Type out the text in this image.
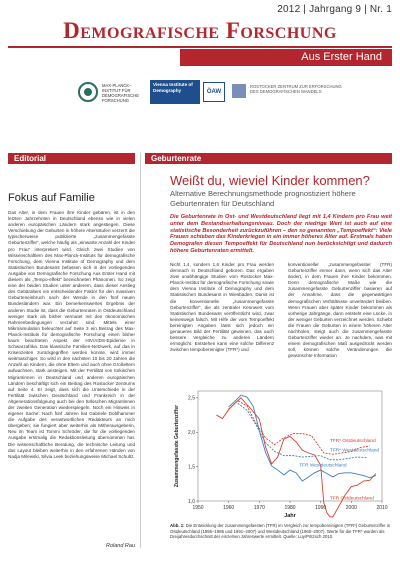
2012 | Jahrgang 9 | Nr. 1
Demografische Forschung
Aus Erster Hand
MAX-PLANCK-INSTITUT FÜR DEMOGRAFISCHE FORSCHUNG
Vienna Institute of Demography	ÖAW
ROSTOCKER ZENTRUM ZUR ERFORSCHUNG DES DEMOGRAFISCHEN WANDELS
Editorial	Geburtenrate
Fokus auf Familie

Das Alter, in dem Frauen ihre Kinder gebären, ist in den letzten Jahrzehnten in Deutschland ebenso wie in vielen anderen europäischen Ländern stark angestiegen. Diese Verschiebung der Geburten in höhere Altersstufen verzerrt die typischerweise publizierte „zusammengefasste Geburtenziffer“, welche häufig als „einwarte Anzahl der Kinder pro Frau“ interpretiert wird. Gleich zwei Studien von Wissenschaftlern des Max-Planck-Instituts für demografische Forschung, dem Vienna Institute of Demography und dem Statistischen Bundesamt befassen sich in der vorliegenden Ausgabe von Demografische Forschung Aus Erster Hand mit diesem als „Tempo-effekt“ bezeichneten Phänomen. So zeigt eine der beiden Studien unter anderem, dass dieser Anstieg des Gebäralters ein entscheidender Faktor für den massiven Geburteneinbruch nach der Wende in den fünf neuen Bundesländern war. Ein bemerkenswertes Ergebnis der anderen Studie ist, dass die Geburtenraten in Ostdeutschland weniger stark als bisher vermutet mit den ökonomischen Rahmenbedingungen verzahnt sind. Mittels einer Mikrosimulation beleuchtet auf Seite 3 ein Beitrag des Max-Planck-Instituts für demografische Forschung einen bisher kaum beachteten Aspekt der HIV/AIDS-Epidemie in Schwarzafrika. Das klassische Familien-Netzwerk, auf das in Krisenzeiten zurückgegriffen werden konnte, wird immer weitmaschiger. So wird in den nächsten 10 bis 20 Jahren die Anzahl an Kindern, die ohne Eltern und auch ohne Großeltern aufwachsen, stark ansteigen. Mit der Fertilität von türkischen Migrantinnen in Deutschland und anderen europäischen Ländern beschäftigt sich ein Beitrag des Rostocker Zentrums auf Seite 4. Er zeigt, dass sich die Unterschiede in der Fertilität zwischen Deutschland und Frankreich in der Altgenerationsfolgeung auch bei den türkischen Migrantinnen der zweiten Generation wiederspiegeln. Noch ein Hinweis in eigener Sache: Nach fünf Jahren hat Gabriele Doblhammer die Aufgabe des verantwortlichen Redakteurs an mich übergeben; sie fungiert aber weiterhin als Mitherausgeberin. Neu im Team ist Tommi Schröder, die für die vorliegenden Ausgabe erstmalig die Redaktionsleitung übernommen hat. Die wissenschaftliche Beratung, die technische Leitung und das Layout bleiben weiterhin in den erfahrenen Händen von Nadja Milewski, Silvia Leek beziehungsweise Michael Schultz.

Roland Rau
Weißt du, wieviel Kinder kommen?
Alternative Berechnungsmethode prognostiziert höhere Geburtenraten für Deutschland
Die Geburtenrate in Ost- und Westdeutschland liegt mit 1,4 Kindern pro Frau weit unter dem Bestandserhaltungsniveau. Doch der niedrige Wert ist auch auf eine statistische Besonderheit zurückzuführen – den so genannten „Tempoeffekt“: Viele Frauen schieben das Kinderkriegen in ein immer höheres Alter auf. Erstmals haben Demografen diesen Tempoeffekt für Deutschland nun berücksichtigt und dadurch höhere Geburtenraten ermittelt.
Nicht 1,4, sondern 1,6 Kinder pro Frau werden demnach in Deutschland geboren. Das ergaben zwei unabhängige Studien vom Rostocker Max-Planck-Institut für demografische Forschung sowie dem Vienna Institute of Demography und dem Statistischen Bundesamt in Wiesbaden. Damit ist die konventionelle „zusammengefasste Geburtenziffer“, die als zentraler Kennwert vom Statistischen Bundesamt veröffentlicht wird, zwar keineswegs falsch. Mit Hilfe der vom Tempoeffekt bereinigten Angaben lässt sich jedoch ein genaueres Bild der Fertilität gewinnen, das auch bessere Vergleiche zu anderen Ländern ermöglicht. Entstehen kann eine solche Differenz zwischen tempobereinigter (TFR*) und
konventioneller „zusammengefasster (TFR) Geburtenziffer immer dann, wenn sich das Alter ändert, in dem Frauen ihre Kinder bekommen. Denn demografische Maße wie die zusammengefasste Geburtenziffer basieren auf der Annahme, dass die gegenwärtigen demografischen Verhältnisse unverändert bleiben. Wenn Frauen aber später Kinder bekommen als vorherige Jahrgänge, dann entsteht eine Lücke, in der weniger Geburten verzeichnet werden. Schiebt die Frauen die Geburten in einem höheren Alter nachholen, steigt auch die zusammengefasste Geburtenziffer wieder an. Je nachdem, was mit einem demografischen Maß ausgedrückt werden soll, können solche Veränderungen die gewünschte Information
1,0
1,5
2,0
2,5
1950	1960	1970	1980	1990	2000	2010
Jahr
Zusammengefasste Geburtenziffer	TFR* Ostdeutschland
TFR* Westdeutschland
TFR Westdeutschland
TFR Ostdeutschland
Abb. 1: Die Entwicklung der zusammengefassten (TFR) im Vergleich zur tempobereinigten (TFR*) Geburtenziffer in Ostdeutschland (1956–1986 und 1991–2007) und Westdeutschland (1960–2007). Werte für die TFR* wurden als Dreijahresdurchschnitt der einzelnen Jahreswerte ermittelt. Quelle: Luy/Pötzsch 2010.
